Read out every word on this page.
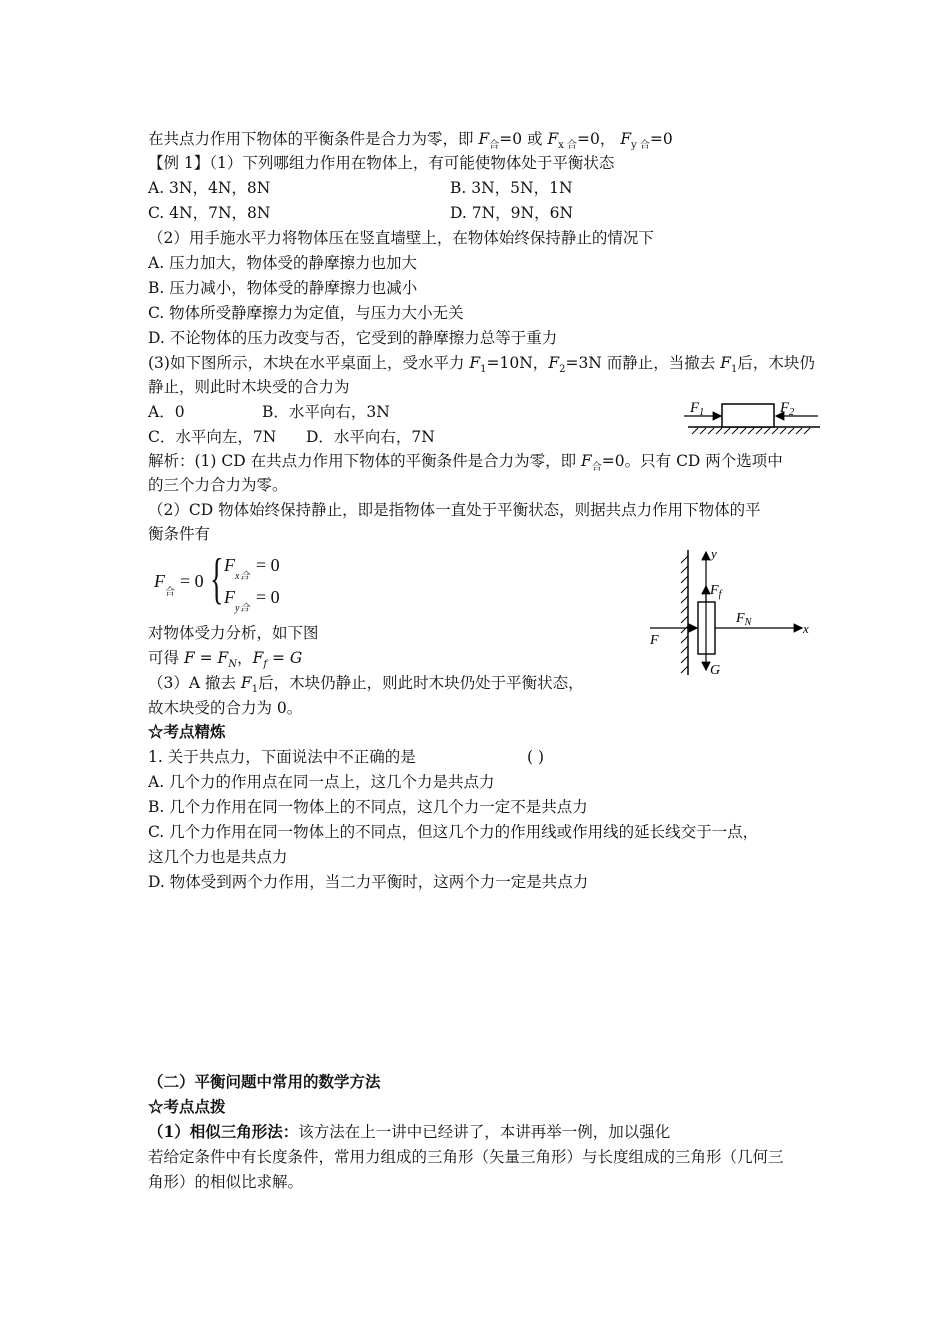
在共点力作用下物体的平衡条件是合力为零，即 $F_合=0$ 或 $F_{x 合}=0$， $F_{y 合}=0$
【例 1】（1）下列哪组力作用在物体上，有可能使物体处于平衡状态
A. 3N，4N，8N	B. 3N，5N，1N
C. 4N，7N，8N	D. 7N，9N，6N
（2）用手施水平力将物体压在竖直墙壁上，在物体始终保持静止的情况下
A. 压力加大，物体受的静摩擦力也加大
B. 压力减小，物体受的静摩擦力也减小
C. 物体所受静摩擦力为定值，与压力大小无关
D. 不论物体的压力改变与否，它受到的静摩擦力总等于重力
(3)如下图所示，木块在水平桌面上，受水平力 $F_1=10N$，$F_2=3N$ 而静止，当撤去 $F_1$后，木块仍
静止，则此时木块受的合力为
A．0	B．水平向右，3N
C．水平向左，7N D．水平向右，7N
$F_1$	$F_2$
解析：(1) CD 在共点力作用下物体的平衡条件是合力为零，即 $F_合=0$。只有 CD 两个选项中
的三个力合力为零。
（2）CD 物体始终保持静止，即是指物体一直处于平衡状态，则据共点力作用下物体的平
衡条件有
F
合
= 0 { F
x合
= 0
F
y合
= 0
对物体受力分析，如下图
可得 $F = F_N$，$F_f = G$
（3）A 撤去 $F_1$后，木块仍静止，则此时木块仍处于平衡状态，
故木块受的合力为 0。
y
x
$F_f$
$F_N$
F
G
☆考点精炼
1. 关于共点力，下面说法中不正确的是	( )
A. 几个力的作用点在同一点上，这几个力是共点力
B. 几个力作用在同一物体上的不同点，这几个力一定不是共点力
C. 几个力作用在同一物体上的不同点，但这几个力的作用线或作用线的延长线交于一点，
这几个力也是共点力
D. 物体受到两个力作用，当二力平衡时，这两个力一定是共点力
（二）平衡问题中常用的数学方法
☆考点点拨
（1）相似三角形法：该方法在上一讲中已经讲了，本讲再举一例，加以强化
若给定条件中有长度条件，常用力组成的三角形（矢量三角形）与长度组成的三角形（几何三
角形）的相似比求解。
